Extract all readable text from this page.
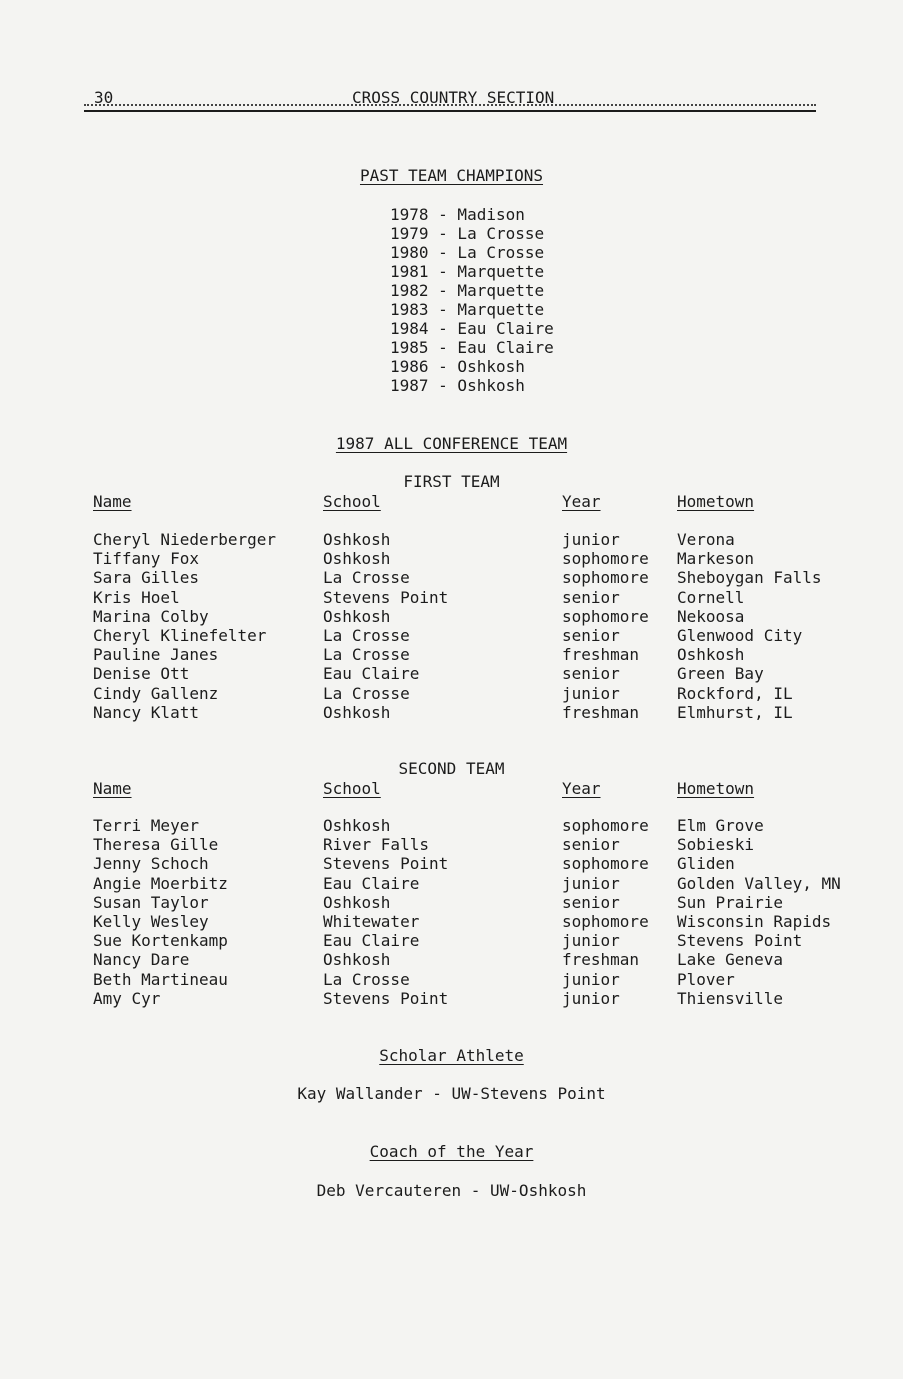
30	CROSS COUNTRY SECTION
PAST TEAM CHAMPIONS
1978 - Madison
1979 - La Crosse
1980 - La Crosse
1981 - Marquette
1982 - Marquette
1983 - Marquette
1984 - Eau Claire
1985 - Eau Claire
1986 - Oshkosh
1987 - Oshkosh
1987 ALL CONFERENCE TEAM
FIRST TEAM
Name	School	Year	Hometown
Cheryl Niederberger	Oshkosh	junior	Verona
Tiffany Fox	Oshkosh	sophomore Markeson
Sara Gilles	La Crosse	sophomore Sheboygan Falls
Kris Hoel	Stevens Point	senior	Cornell
Marina Colby	Oshkosh	sophomore Nekoosa
Cheryl Klinefelter	La Crosse	senior	Glenwood City
Pauline Janes	La Crosse	freshman Oshkosh
Denise Ott	Eau Claire	senior	Green Bay
Cindy Gallenz	La Crosse	junior	Rockford, IL
Nancy Klatt	Oshkosh	freshman Elmhurst, IL
SECOND TEAM
Name	School	Year	Hometown
Terri Meyer	Oshkosh	sophomore Elm Grove
Theresa Gille	River Falls	senior	Sobieski
Jenny Schoch	Stevens Point	sophomore Gliden
Angie Moerbitz	Eau Claire	junior	Golden Valley, MN
Susan Taylor	Oshkosh	senior	Sun Prairie
Kelly Wesley	Whitewater	sophomore Wisconsin Rapids
Sue Kortenkamp	Eau Claire	junior	Stevens Point
Nancy Dare	Oshkosh	freshman Lake Geneva
Beth Martineau	La Crosse	junior	Plover
Amy Cyr	Stevens Point	junior	Thiensville
Scholar Athlete
Kay Wallander - UW-Stevens Point
Coach of the Year
Deb Vercauteren - UW-Oshkosh
